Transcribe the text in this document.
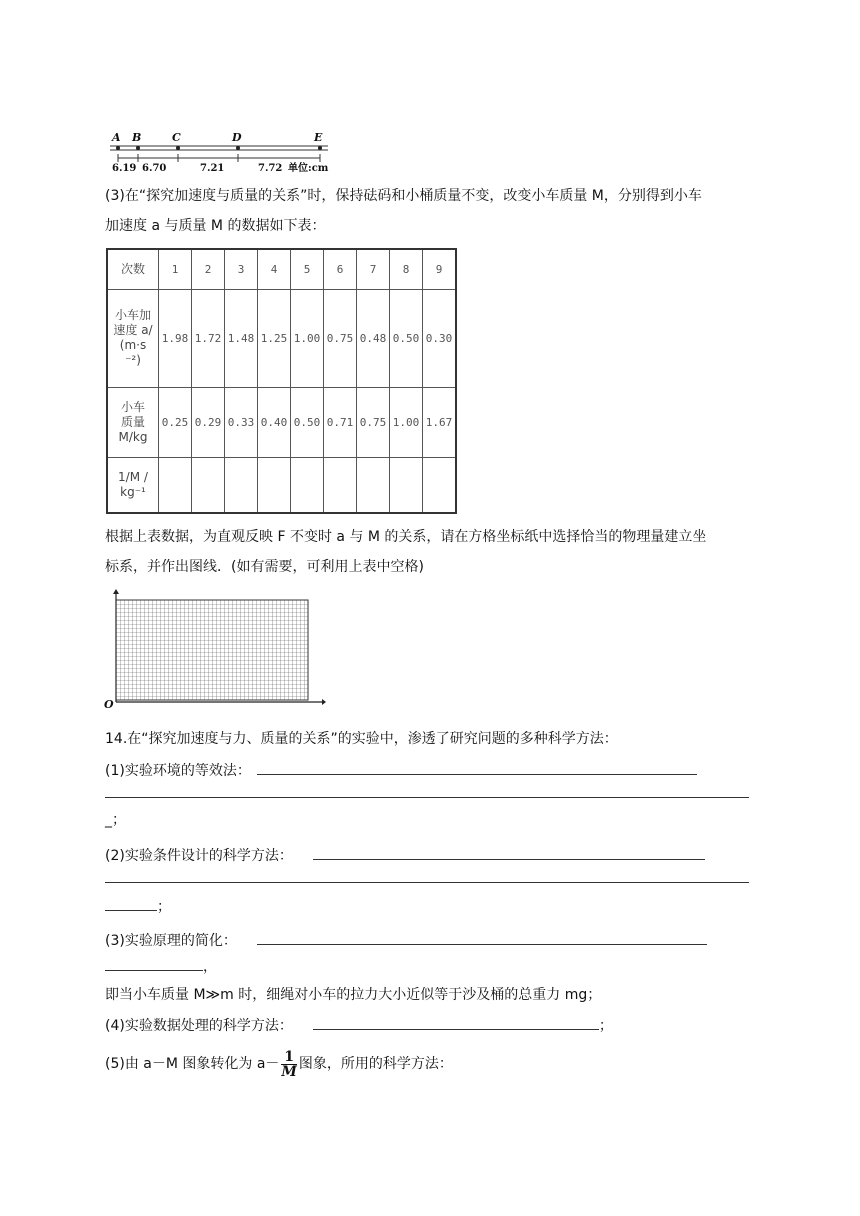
A B	C	D	E
6.19 6.70	7.21	7.72 单位:cm
(3)在“探究加速度与质量的关系”时，保持砝码和小桶质量不变，改变小车质量 M，分别得到小车
加速度 a 与质量 M 的数据如下表：
次数	1	2	3	4	5	6	7	8	9

小车加
速度 a/
(m·s
⁻²)	1.98	1.72	1.48	1.25	1.00	0.75	0.48	0.50	0.30

小车
质量
M/kg	0.25	0.29	0.33	0.40	0.50	0.71	0.75	1.00	1.67

1/M /
kg⁻¹									

根据上表数据，为直观反映 F 不变时 a 与 M 的关系，请在方格坐标纸中选择恰当的物理量建立坐
标系，并作出图线．(如有需要，可利用上表中空格)
O
14.在“探究加速度与力、质量的关系”的实验中，渗透了研究问题的多种科学方法：
(1)实验环境的等效法：
_；
(2)实验条件设计的科学方法：
；
(3)实验原理的简化：
，
即当小车质量 M≫m 时，细绳对小车的拉力大小近似等于沙及桶的总重力 mg；
(4)实验数据处理的科学方法：	；
(5)由 a－M 图象转化为 $a- \frac{1}{M}$ 图象，所用的科学方法：
